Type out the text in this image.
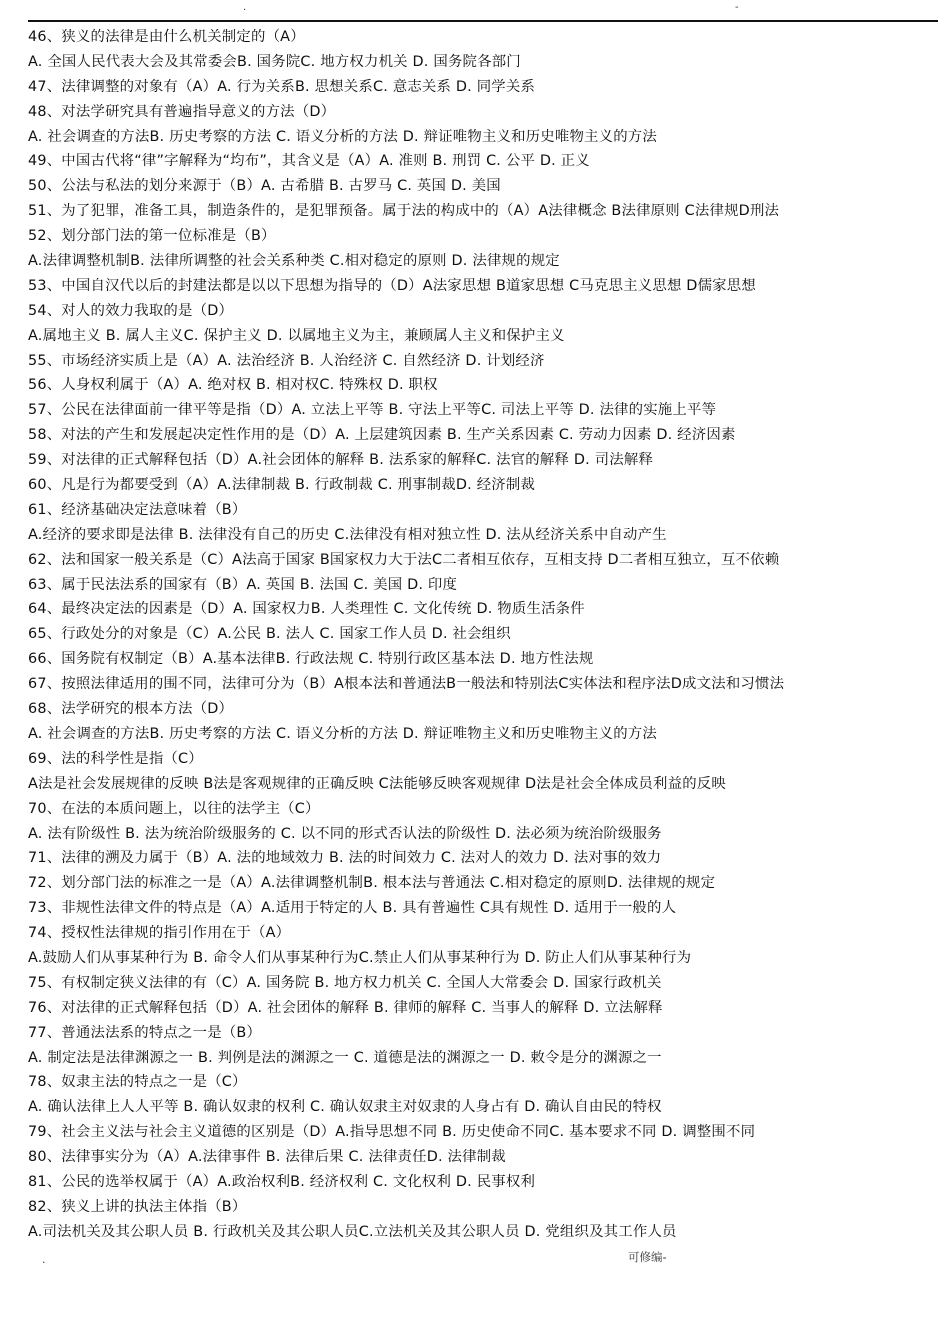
.	-
46、狭义的法律是由什么机关制定的（A）
A. 全国人民代表大会及其常委会B. 国务院C. 地方权力机关 D. 国务院各部门
47、法律调整的对象有（A）A. 行为关系B. 思想关系C. 意志关系 D. 同学关系
48、对法学研究具有普遍指导意义的方法（D）
A. 社会调查的方法B. 历史考察的方法 C. 语义分析的方法 D. 辩证唯物主义和历史唯物主义的方法
49、中国古代将“律”字解释为“均布”，其含义是（A）A. 准则 B. 刑罚 C. 公平 D. 正义
50、公法与私法的划分来源于（B）A. 古希腊 B. 古罗马 C. 英国 D. 美国
51、为了犯罪，准备工具，制造条件的，是犯罪预备。属于法的构成中的（A）A法律概念 B法律原则 C法律规D刑法
52、划分部门法的第一位标准是（B）
A.法律调整机制B. 法律所调整的社会关系种类 C.相对稳定的原则 D. 法律规的规定
53、中国自汉代以后的封建法都是以以下思想为指导的（D）A法家思想 B道家思想 C马克思主义思想 D儒家思想
54、对人的效力我取的是（D）
A.属地主义 B. 属人主义C. 保护主义 D. 以属地主义为主，兼顾属人主义和保护主义
55、市场经济实质上是（A）A. 法治经济 B. 人治经济 C. 自然经济 D. 计划经济
56、人身权利属于（A）A. 绝对权 B. 相对权C. 特殊权 D. 职权
57、公民在法律面前一律平等是指（D）A. 立法上平等 B. 守法上平等C. 司法上平等 D. 法律的实施上平等
58、对法的产生和发展起决定性作用的是（D）A. 上层建筑因素 B. 生产关系因素 C. 劳动力因素 D. 经济因素
59、对法律的正式解释包括（D）A.社会团体的解释 B. 法系家的解释C. 法官的解释 D. 司法解释
60、凡是行为都要受到（A）A.法律制裁 B. 行政制裁 C. 刑事制裁D. 经济制裁
61、经济基础决定法意味着（B）
A.经济的要求即是法律 B. 法律没有自己的历史 C.法律没有相对独立性 D. 法从经济关系中自动产生
62、法和国家一般关系是（C）A法高于国家 B国家权力大于法C二者相互依存，互相支持 D二者相互独立，互不依赖
63、属于民法法系的国家有（B）A. 英国 B. 法国 C. 美国 D. 印度
64、最终决定法的因素是（D）A. 国家权力B. 人类理性 C. 文化传统 D. 物质生活条件
65、行政处分的对象是（C）A.公民 B. 法人 C. 国家工作人员 D. 社会组织
66、国务院有权制定（B）A.基本法律B. 行政法规 C. 特别行政区基本法 D. 地方性法规
67、按照法律适用的围不同，法律可分为（B）A根本法和普通法B一般法和特别法C实体法和程序法D成文法和习惯法
68、法学研究的根本方法（D）
A. 社会调查的方法B. 历史考察的方法 C. 语义分析的方法 D. 辩证唯物主义和历史唯物主义的方法
69、法的科学性是指（C）
A法是社会发展规律的反映 B法是客观规律的正确反映 C法能够反映客观规律 D法是社会全体成员利益的反映
70、在法的本质问题上，以往的法学主（C）
A. 法有阶级性 B. 法为统治阶级服务的 C. 以不同的形式否认法的阶级性 D. 法必须为统治阶级服务
71、法律的溯及力属于（B）A. 法的地域效力 B. 法的时间效力 C. 法对人的效力 D. 法对事的效力
72、划分部门法的标准之一是（A）A.法律调整机制B. 根本法与普通法 C.相对稳定的原则D. 法律规的规定
73、非规性法律文件的特点是（A）A.适用于特定的人 B. 具有普遍性 C具有规性 D. 适用于一般的人
74、授权性法律规的指引作用在于（A）
A.鼓励人们从事某种行为 B. 命令人们从事某种行为C.禁止人们从事某种行为 D. 防止人们从事某种行为
75、有权制定狭义法律的有（C）A. 国务院 B. 地方权力机关 C. 全国人大常委会 D. 国家行政机关
76、对法律的正式解释包括（D）A. 社会团体的解释 B. 律师的解释 C. 当事人的解释 D. 立法解释
77、普通法法系的特点之一是（B）
A. 制定法是法律渊源之一 B. 判例是法的渊源之一 C. 道德是法的渊源之一 D. 敕令是分的渊源之一
78、奴隶主法的特点之一是（C）
A. 确认法律上人人平等 B. 确认奴隶的权利 C. 确认奴隶主对奴隶的人身占有 D. 确认自由民的特权
79、社会主义法与社会主义道德的区别是（D）A.指导思想不同 B. 历史使命不同C. 基本要求不同 D. 调整围不同
80、法律事实分为（A）A.法律事件 B. 法律后果 C. 法律责任D. 法律制裁
81、公民的选举权属于（A）A.政治权利B. 经济权利 C. 文化权利 D. 民事权利
82、狭义上讲的执法主体指（B）
A.司法机关及其公职人员 B. 行政机关及其公职人员C.立法机关及其公职人员 D. 党组织及其工作人员
.	可修编-
